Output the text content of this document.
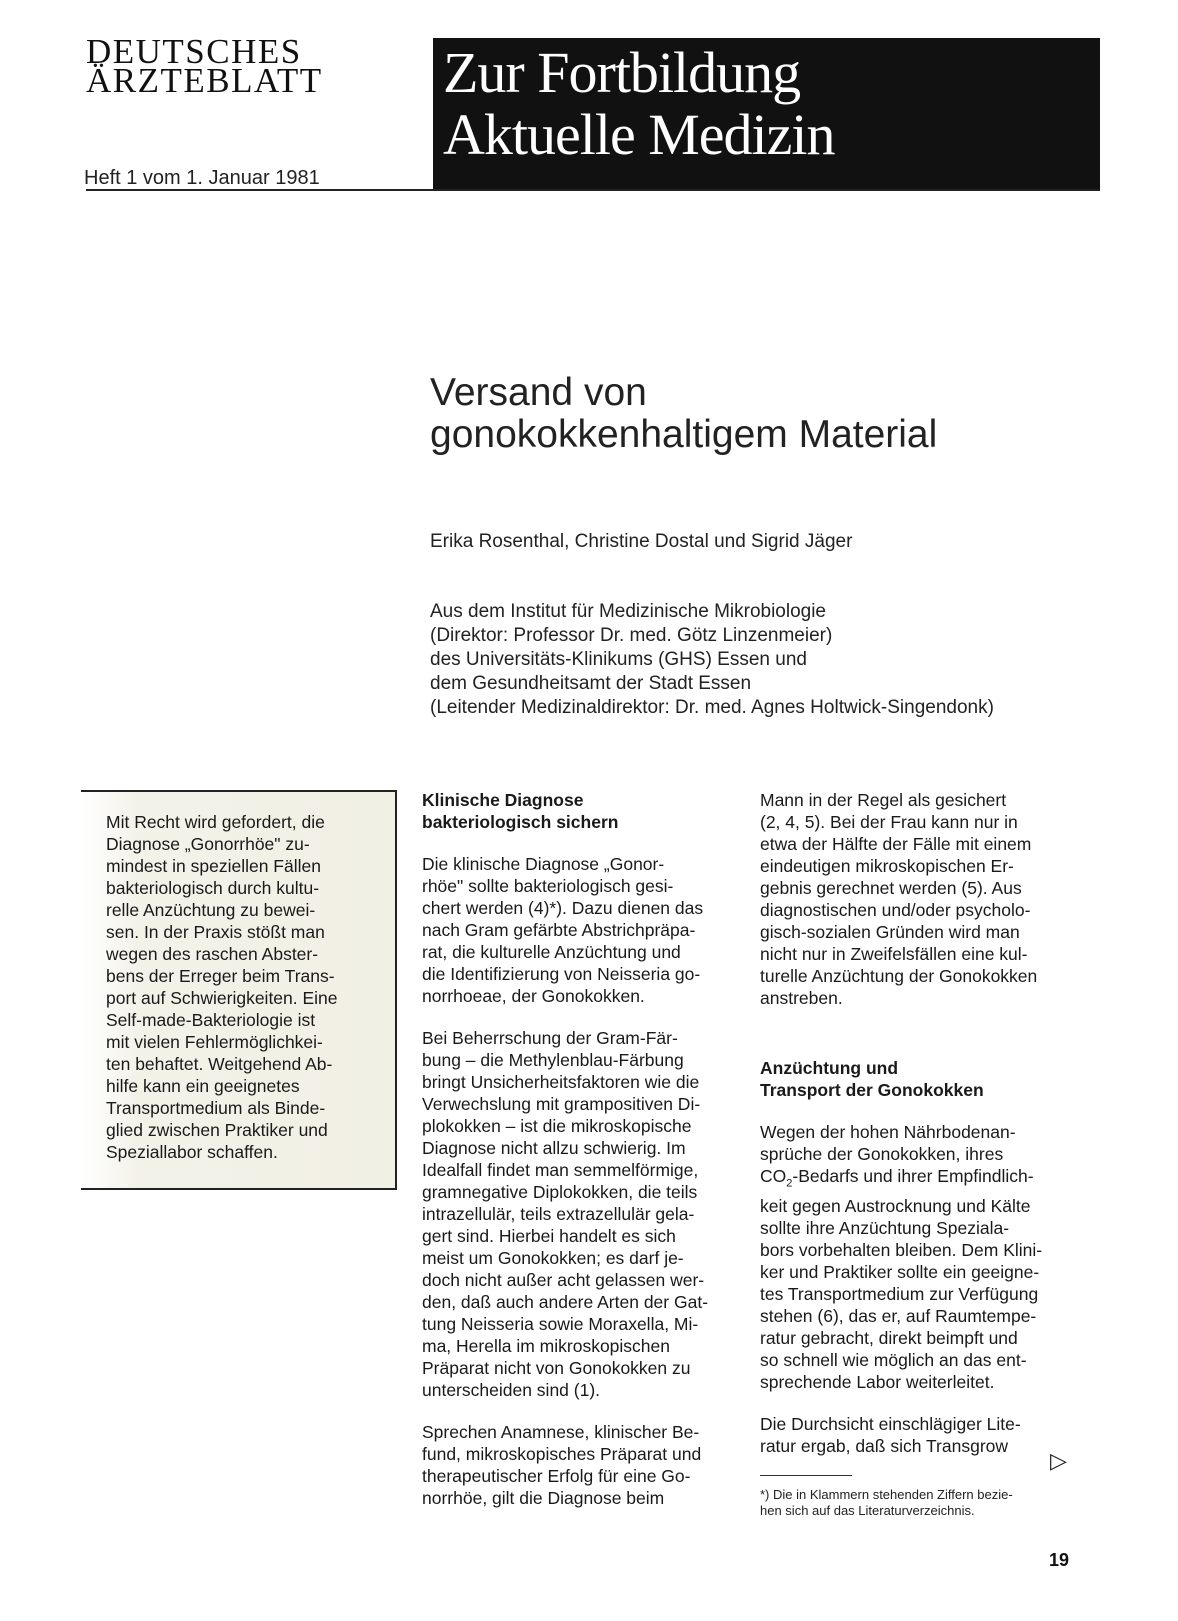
DEUTSCHES
ÄRZTEBLATT
Heft 1 vom 1. Januar 1981
Zur Fortbildung
Aktuelle Medizin
Versand von
gonokokkenhaltigem Material
Erika Rosenthal, Christine Dostal und Sigrid Jäger
Aus dem Institut für Medizinische Mikrobiologie
(Direktor: Professor Dr. med. Götz Linzenmeier)
des Universitäts-Klinikums (GHS) Essen und
dem Gesundheitsamt der Stadt Essen
(Leitender Medizinaldirektor: Dr. med. Agnes Holtwick-Singendonk)
Mit Recht wird gefordert, die
Diagnose „Gonorrhöe" zu-
mindest in speziellen Fällen
bakteriologisch durch kultu-
relle Anzüchtung zu bewei-
sen. In der Praxis stößt man
wegen des raschen Abster-
bens der Erreger beim Trans-
port auf Schwierigkeiten. Eine
Self-made-Bakteriologie ist
mit vielen Fehlermöglichkei-
ten behaftet. Weitgehend Ab-
hilfe kann ein geeignetes
Transportmedium als Binde-
glied zwischen Praktiker und
Speziallabor schaffen.
Klinische Diagnose
bakteriologisch sichern
Die klinische Diagnose „Gonor-
rhöe" sollte bakteriologisch gesi-
chert werden (4)*). Dazu dienen das
nach Gram gefärbte Abstrichpräpa-
rat, die kulturelle Anzüchtung und
die Identifizierung von Neisseria go-
norrhoeae, der Gonokokken.
Bei Beherrschung der Gram-Fär-
bung – die Methylenblau-Färbung
bringt Unsicherheitsfaktoren wie die
Verwechslung mit grampositiven Di-
plokokken – ist die mikroskopische
Diagnose nicht allzu schwierig. Im
Idealfall findet man semmelförmige,
gramnegative Diplokokken, die teils
intrazellulär, teils extrazellulär gela-
gert sind. Hierbei handelt es sich
meist um Gonokokken; es darf je-
doch nicht außer acht gelassen wer-
den, daß auch andere Arten der Gat-
tung Neisseria sowie Moraxella, Mi-
ma, Herella im mikroskopischen
Präparat nicht von Gonokokken zu
unterscheiden sind (1).
Sprechen Anamnese, klinischer Be-
fund, mikroskopisches Präparat und
therapeutischer Erfolg für eine Go-
norrhöe, gilt die Diagnose beim
Mann in der Regel als gesichert
(2, 4, 5). Bei der Frau kann nur in
etwa der Hälfte der Fälle mit einem
eindeutigen mikroskopischen Er-
gebnis gerechnet werden (5). Aus
diagnostischen und/oder psycholo-
gisch-sozialen Gründen wird man
nicht nur in Zweifelsfällen eine kul-
turelle Anzüchtung der Gonokokken
anstreben.
Anzüchtung und
Transport der Gonokokken
Wegen der hohen Nährbodenan-
sprüche der Gonokokken, ihres
$CO_2$-Bedarfs und ihrer Empfindlich-
keit gegen Austrocknung und Kälte
sollte ihre Anzüchtung Speziala-
bors vorbehalten bleiben. Dem Klini-
ker und Praktiker sollte ein geeigne-
tes Transportmedium zur Verfügung
stehen (6), das er, auf Raumtempe-
ratur gebracht, direkt beimpft und
so schnell wie möglich an das ent-
sprechende Labor weiterleitet.
Die Durchsicht einschlägiger Lite-
ratur ergab, daß sich Transgrow
▷
*) Die in Klammern stehenden Ziffern bezie-
hen sich auf das Literaturverzeichnis.
19
